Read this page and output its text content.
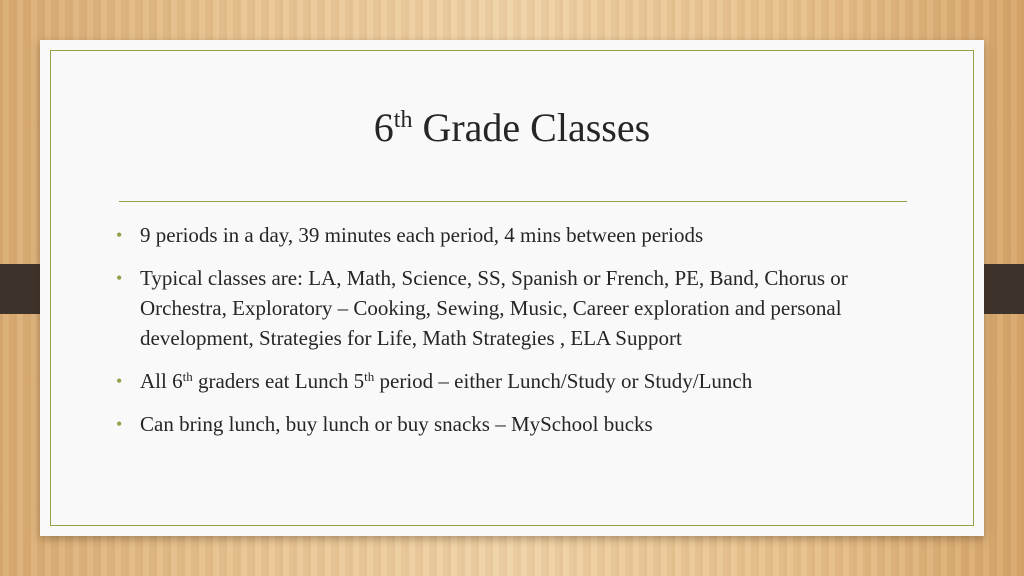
6th Grade Classes
• 9 periods in a day, 39 minutes each period, 4 mins between periods
• Typical classes are: LA, Math, Science, SS, Spanish or French, PE, Band, Chorus or Orchestra, Exploratory – Cooking, Sewing, Music, Career exploration and personal development, Strategies for Life, Math Strategies , ELA Support
• All 6th graders eat Lunch 5th period – either Lunch/Study or Study/Lunch
• Can bring lunch, buy lunch or buy snacks – MySchool bucks
